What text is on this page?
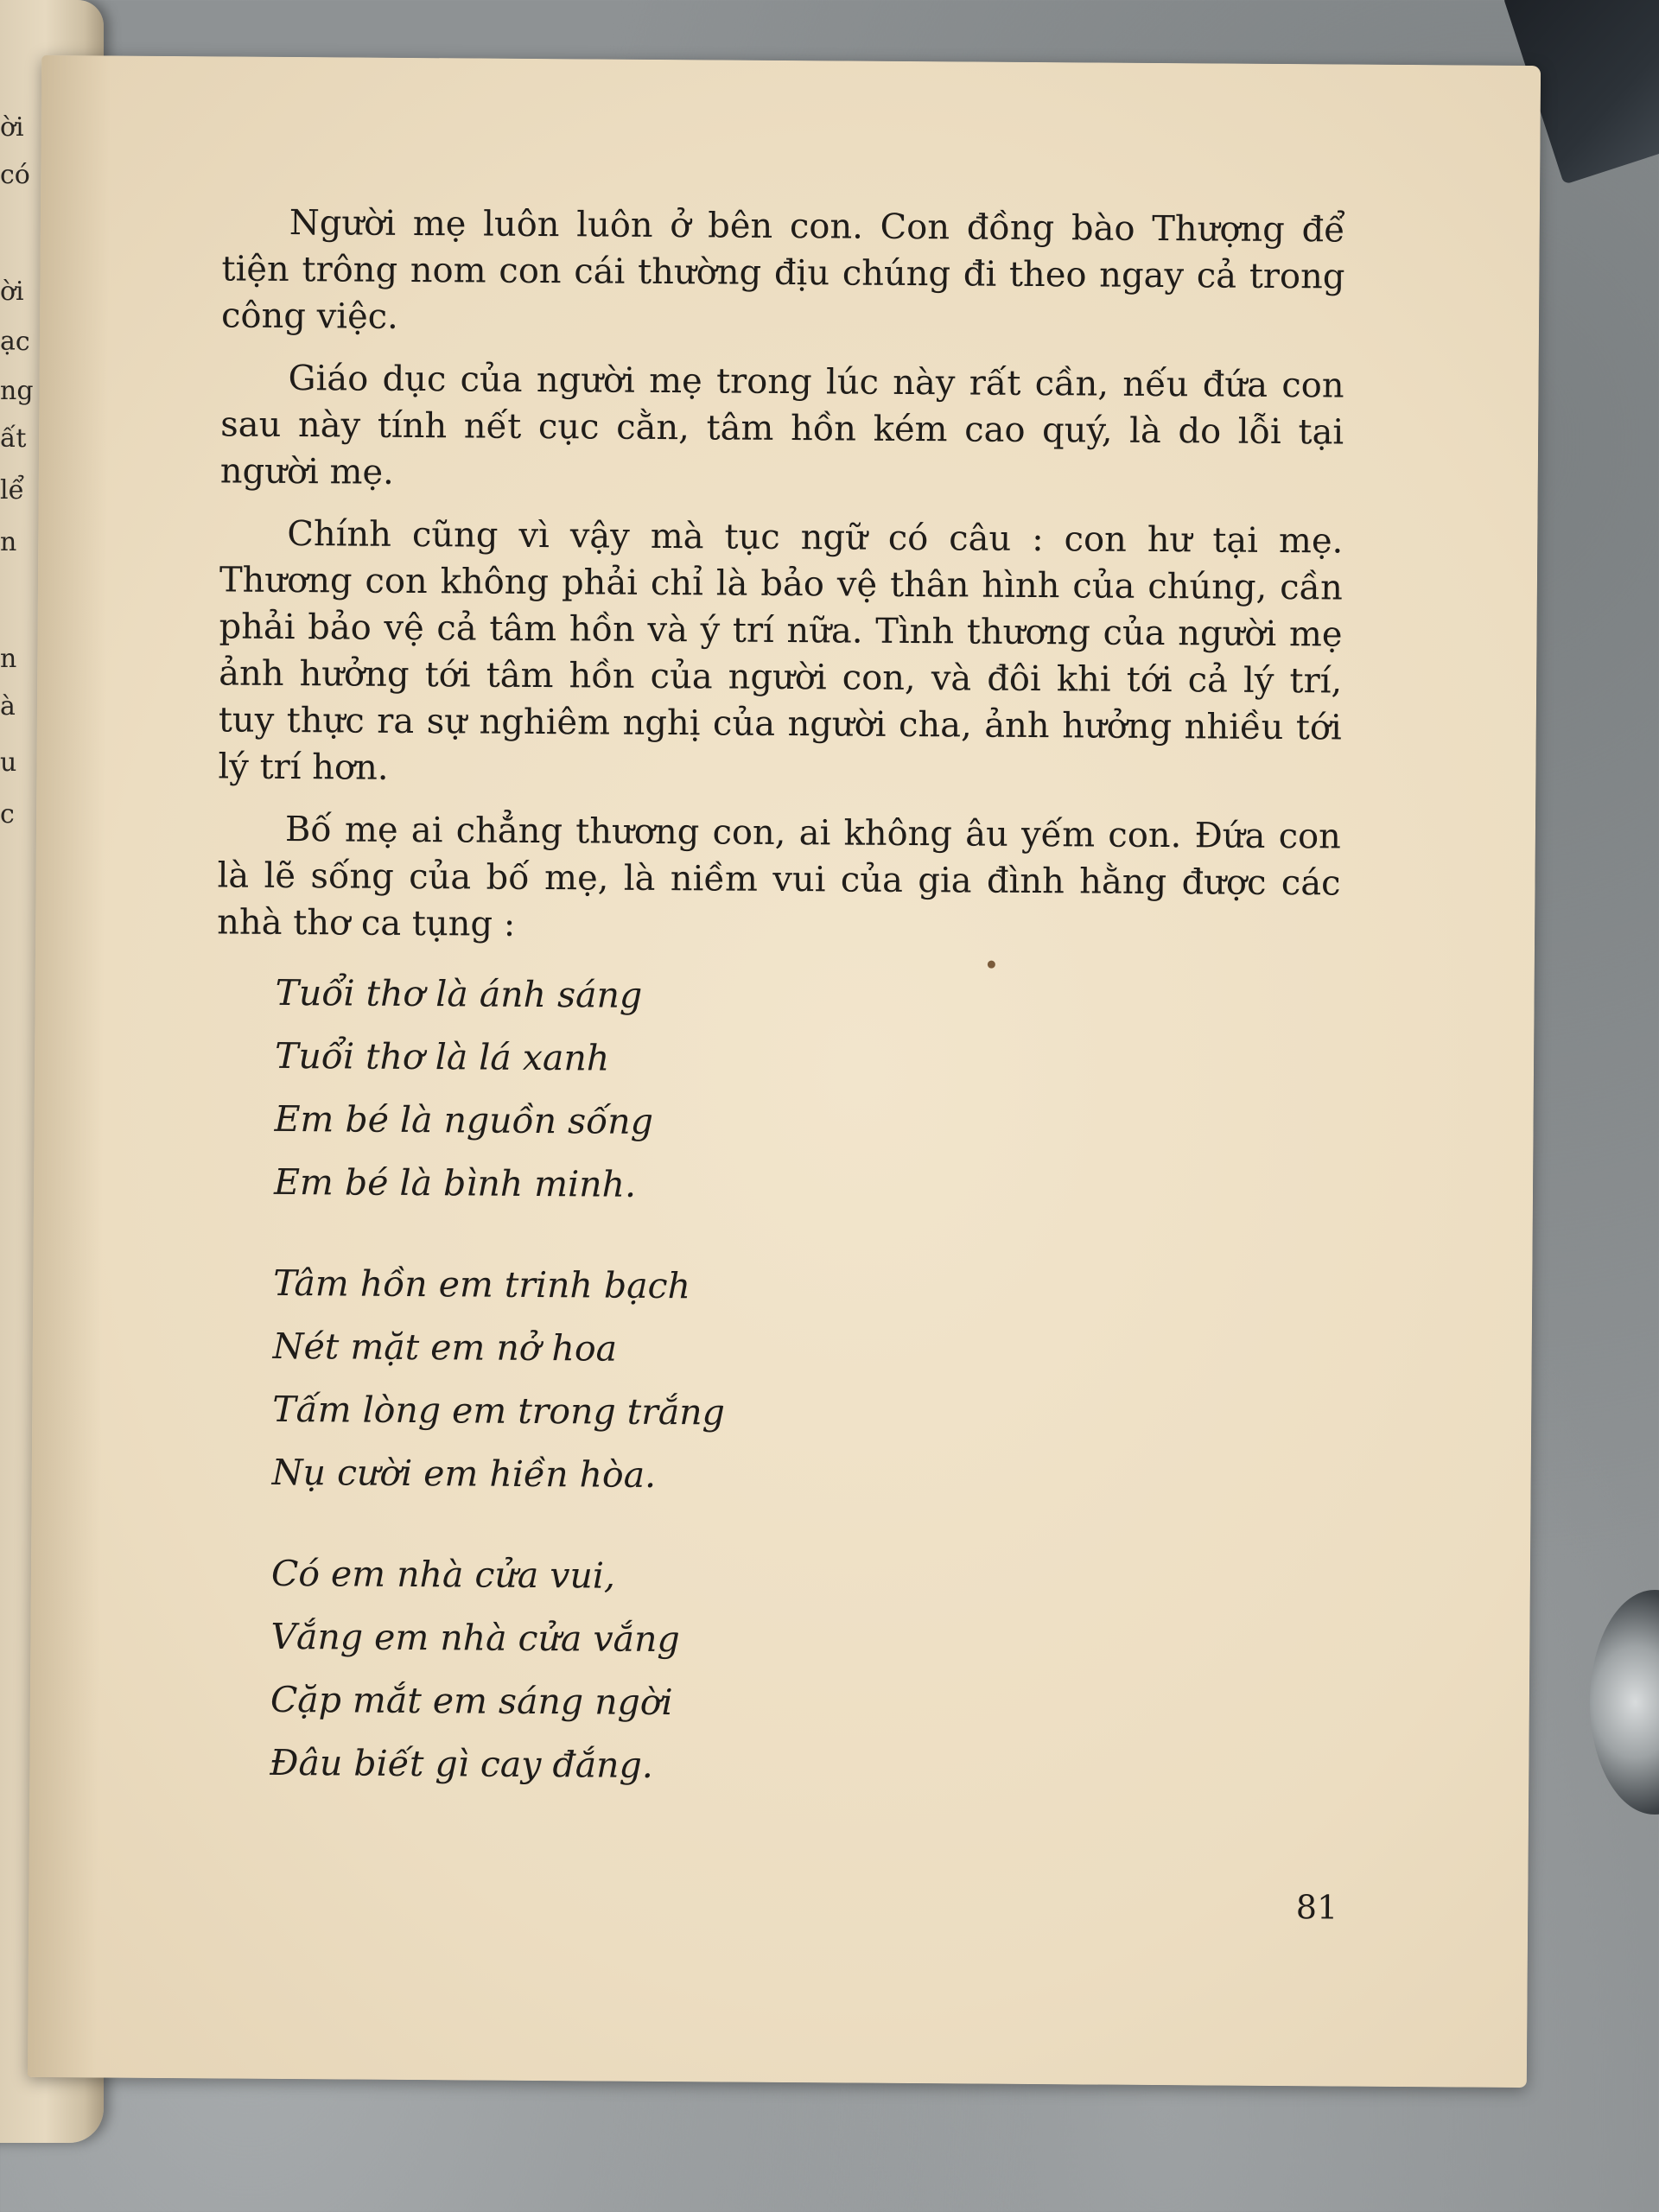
ời
có
ời
ạc
ng
ất
lể
n
n
à
u
c

Người mẹ luôn luôn ở bên con. Con đồng bào Thượng để tiện trông nom con cái thường địu chúng đi theo ngay cả trong công việc.

Giáo dục của người mẹ trong lúc này rất cần, nếu đứa con sau này tính nết cục cằn, tâm hồn kém cao quý, là do lỗi tại người mẹ.

Chính cũng vì vậy mà tục ngữ có câu : con hư tại mẹ. Thương con không phải chỉ là bảo vệ thân hình của chúng, cần phải bảo vệ cả tâm hồn và ý trí nữa. Tình thương của người mẹ ảnh hưởng tới tâm hồn của người con, và đôi khi tới cả lý trí, tuy thực ra sự nghiêm nghị của người cha, ảnh hưởng nhiều tới lý trí hơn.

Bố mẹ ai chẳng thương con, ai không âu yếm con. Đứa con là lẽ sống của bố mẹ, là niềm vui của gia đình hằng được các nhà thơ ca tụng :

Tuổi thơ là ánh sáng
Tuổi thơ là lá xanh
Em bé là nguồn sống
Em bé là bình minh.
Tâm hồn em trinh bạch
Nét mặt em nở hoa
Tấm lòng em trong trắng
Nụ cười em hiền hòa.
Có em nhà cửa vui,
Vắng em nhà cửa vắng
Cặp mắt em sáng ngời
Đâu biết gì cay đắng.
81
